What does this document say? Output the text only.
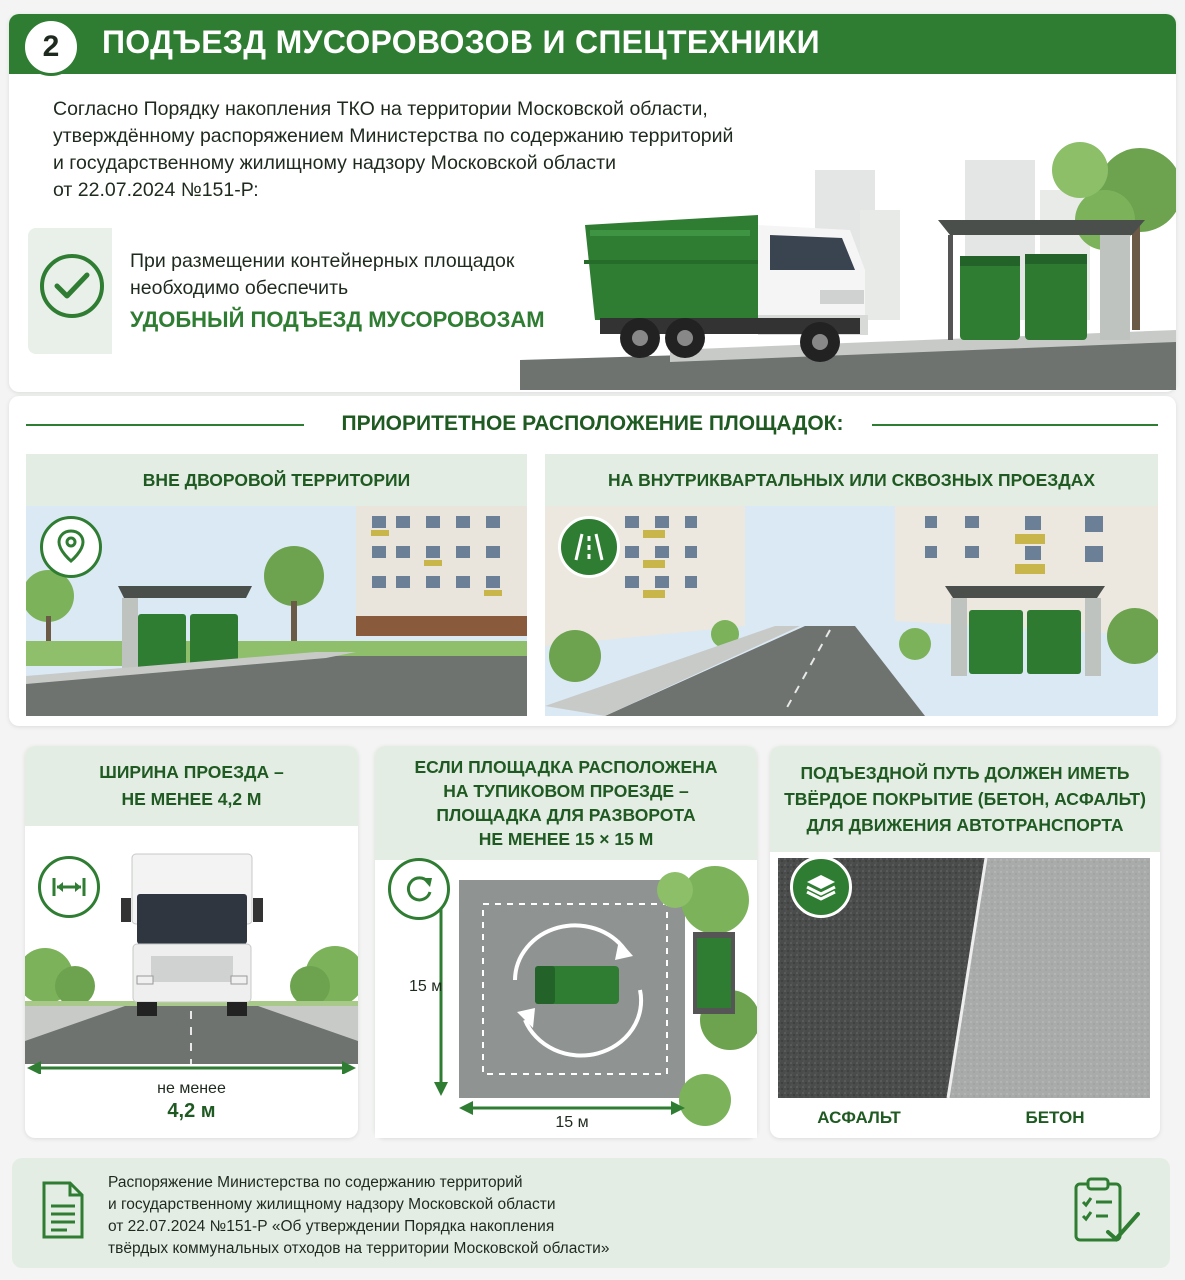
2	ПОДЪЕЗД МУСОРОВОЗОВ И СПЕЦТЕХНИКИ
Согласно Порядку накопления ТКО на территории Московской области,
утверждённому распоряжением Министерства по содержанию территорий
и государственному жилищному надзору Московской области
от 22.07.2024 №151-Р:
При размещении контейнерных площадок
необходимо обеспечить
УДОБНЫЙ ПОДЪЕЗД МУСОРОВОЗАМ
ПРИОРИТЕТНОЕ РАСПОЛОЖЕНИЕ ПЛОЩАДОК:
ВНЕ ДВОРОВОЙ ТЕРРИТОРИИ	НА ВНУТРИКВАРТАЛЬНЫХ ИЛИ СКВОЗНЫХ ПРОЕЗДАХ
ШИРИНА ПРОЕЗДА –
НЕ МЕНЕЕ 4,2 М
не менее
4,2 м
ЕСЛИ ПЛОЩАДКА РАСПОЛОЖЕНА
НА ТУПИКОВОМ ПРОЕЗДЕ –
ПЛОЩАДКА ДЛЯ РАЗВОРОТА
НЕ МЕНЕЕ 15 × 15 М
15 м
15 м
ПОДЪЕЗДНОЙ ПУТЬ ДОЛЖЕН ИМЕТЬ
ТВЁРДОЕ ПОКРЫТИЕ (БЕТОН, АСФАЛЬТ)
ДЛЯ ДВИЖЕНИЯ АВТОТРАНСПОРТА
АСФАЛЬТ	БЕТОН
Распоряжение Министерства по содержанию территорий
и государственному жилищному надзору Московской области
от 22.07.2024 №151-Р «Об утверждении Порядка накопления
твёрдых коммунальных отходов на территории Московской области»
